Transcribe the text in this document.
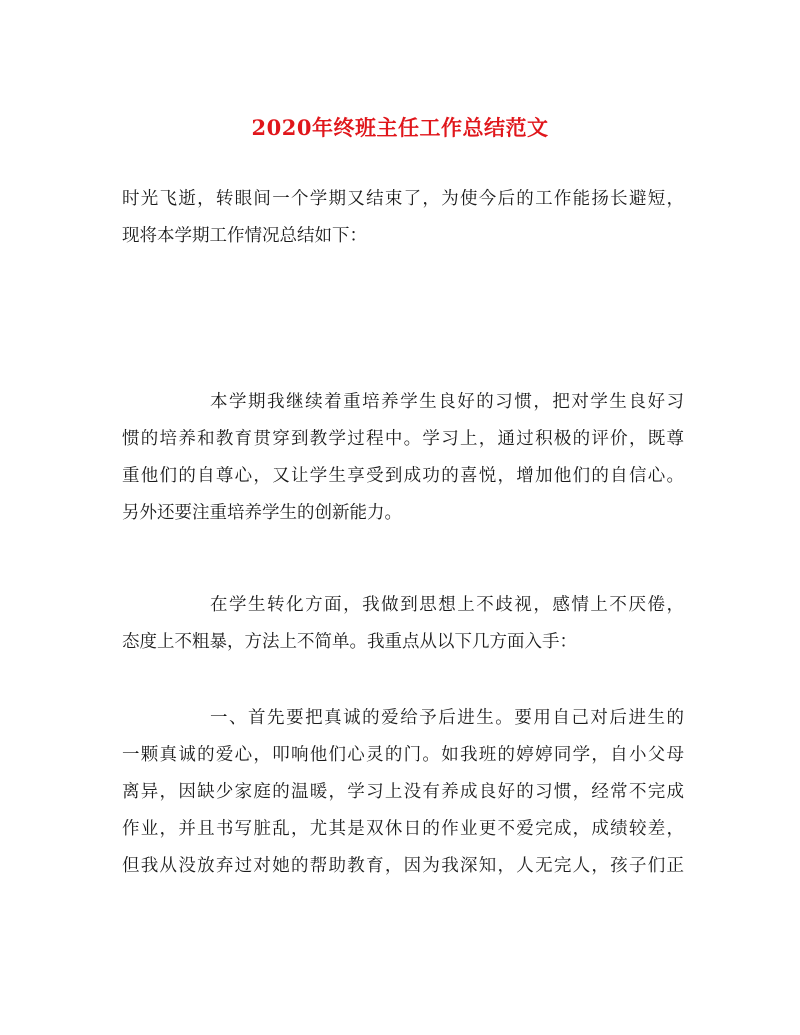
2020年终班主任工作总结范文
时光飞逝，转眼间一个学期又结束了，为使今后的工作能扬长避短，
现将本学期工作情况总结如下：
本学期我继续着重培养学生良好的习惯，把对学生良好习
惯的培养和教育贯穿到教学过程中。学习上，通过积极的评价，既尊
重他们的自尊心，又让学生享受到成功的喜悦，增加他们的自信心。
另外还要注重培养学生的创新能力。
在学生转化方面，我做到思想上不歧视，感情上不厌倦，
态度上不粗暴，方法上不简单。我重点从以下几方面入手：
一、首先要把真诚的爱给予后进生。要用自己对后进生的
一颗真诚的爱心，叩响他们心灵的门。如我班的婷婷同学，自小父母
离异，因缺少家庭的温暖，学习上没有养成良好的习惯，经常不完成
作业，并且书写脏乱，尤其是双休日的作业更不爱完成，成绩较差，
但我从没放弃过对她的帮助教育，因为我深知，人无完人，孩子们正
